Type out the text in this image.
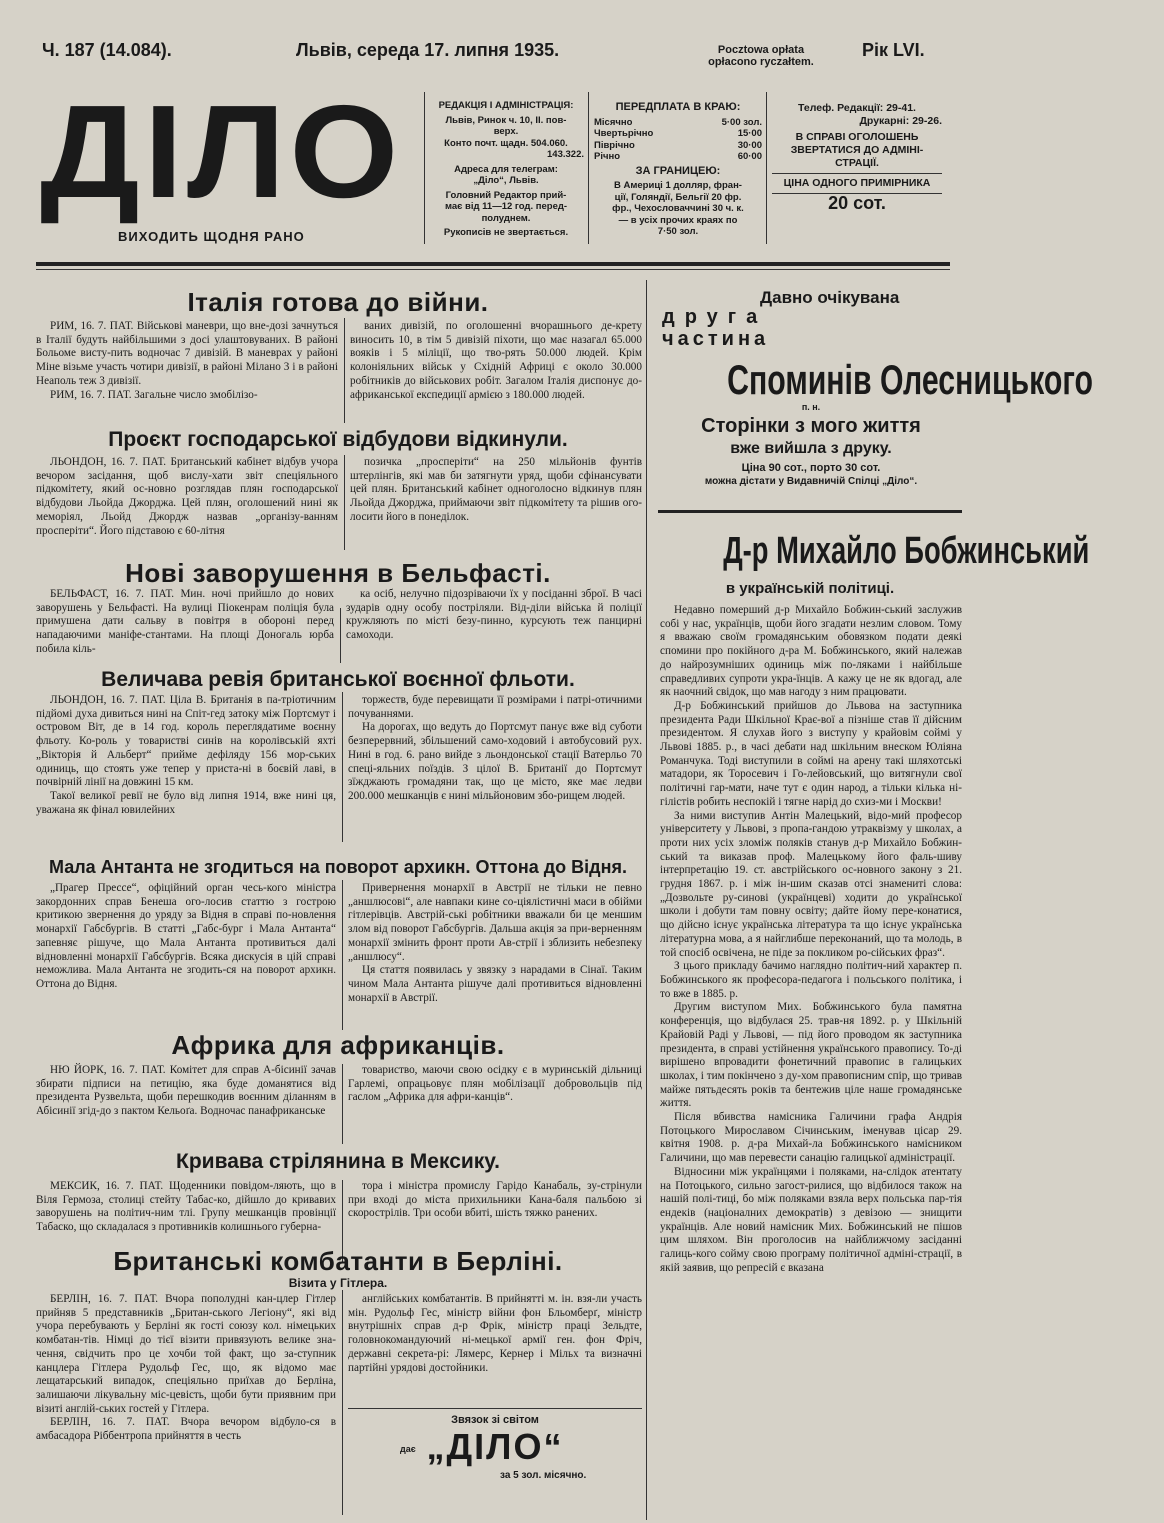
Ч. 187 (14.084).	Львів, середа 17. липня 1935.	Pocztowa opłata
opłacono ryczałtem.
Рік LVI.
ДІЛО
ВИХОДИТЬ ЩОДНЯ РАНО

РЕДАКЦІЯ І АДМІНІСТРАЦІЯ:

Львів, Ринок ч. 10, II. пов-
верх.
Конто почт. щадн. 504.060.

143.322.

Адреса для телеграм:

„Діло“, Львів.

Головний Редактор прий-
має від 11—12 год. перед-

полуднем.

Рукописів не звертається.

ПЕРЕДПЛАТА В КРАЮ:

Місячно	5·00 зол.
Чвертьрічно	15·00
Піврічно	30·00

Річно	60·00

ЗА ГРАНИЦЕЮ:

В Америці 1 долляр, фран-
ції, Голяндії, Бельгії 20 фр.
фр., Чехословаччині 30 ч. к.
— в усіх прочих краях по
7·50 зол.
Телеф. Редакції: 29-41.

Друкарні: 29-26.

В СПРАВІ ОГОЛОШЕНЬ
ЗВЕРТАТИСЯ ДО АДМІНІ-

СТРАЦІЇ.

ЦІНА ОДНОГО ПРИМІРНИКА

20 сот.
Італія готова до війни.

РИМ, 16. 7. ПАТ. Військові маневри, що вне-дозі зачнуться в Італії будуть найбільшими з досі улаштовуваних. В районі Больоме висту-пить водночас 7 дивізій. В маневрах у районі Міне візьме участь чотири дивізії, в районі Мілано 3 і в районі Неаполь теж 3 дивізії.

РИМ, 16. 7. ПАТ. Загальне число змобілізо-

ваних дивізій, по оголошенні вчорашнього де-крету виносить 10, в тім 5 дивізій піхоти, що має назагал 65.000 вояків і 5 міліції, що тво-рять 50.000 людей. Крім колоніяльних військ у Східній Африці є около 30.000 робітників до військових робіт. Загалом Італія диспонує до-африканської експедиції армією з 180.000 людей.

Проєкт господарської відбудови відкинули.

ЛЬОНДОН, 16. 7. ПАТ. Британський кабінет відбув учора вечором засідання, щоб вислу-хати звіт спеціяльного підкомітету, який ос-новно розглядав плян господарської відбудови Льойда Джорджа. Цей плян, оголошений нині як меморіял, Льойд Джордж назвав „організу-ванням просперіти“. Його підставою є 60-літня

позичка „просперіти“ на 250 мільйонів фунтів штерлінгів, які мав би затягнути уряд, щоби сфінансувати цей плян. Британський кабінет одноголосно відкинув плян Льойда Джорджа, приймаючи звіт підкомітету та рішив ого-лосити його в понеділок.

Нові заворушення в Бельфасті.

БЕЛЬФАСТ, 16. 7. ПАТ. Мин. ночі прийшло до нових заворушень у Бельфасті. На вулиці Піокенрам поліція була примушена дати сальву в повітря в обороні перед нападаючими маніфе-стантами. На площі Доногаль юрба побила кіль-

ка осіб, нелучно підозріваючи їх у посіданні зброї. В часі зударів одну особу постріляли. Від-діли війська й поліції кружляють по місті безу-пинно, курсують теж панцирні самоходи.

Величава ревія британської воєнної фльоти.

ЛЬОНДОН, 16. 7. ПАТ. Ціла В. Британія в па-тріотичним підйомі духа дивиться нині на Спіт-гед затоку між Портсмут і островом Віт, де в 14 год. король переглядатиме воєнну фльоту. Ко-роль у товаристві синів на королівській яхті „Вікторія й Альберт“ прийме дефіляду 156 мор-ських одиниць, що стоять уже тепер у приста-ні в боєвій лаві, в почвірній лінії на довжині 15 км.

Такої великої ревії не було від липня 1914, вже нині ця, уважана як фінал ювилейних

торжеств, буде перевищати її розмірами і патрі-отичними почуваннями.

На дорогах, що ведуть до Портсмут панує вже від суботи безперервний, збільшений само-ходовий і автобусовий рух. Нині в год. 6. рано вийде з льондонської стації Ватерльо 70 спеці-яльних поїздів. З цілої В. Британії до Портсмут зїжджають громадяни так, що це місто, яке має ледви 200.000 мешканців є нині мільйоновим збо-рищем людей.

Мала Антанта не згодиться на поворот архикн. Оттона до Відня.

„Прагер Прессе“, офіційний орган чесь-кого міністра закордонних справ Бенеша ого-лосив статтю з гострою критикою звернення до уряду за Відня в справі по-новлення монархії Габсбургів. В статті „Габс-бург і Мала Антанта“ запевняє рішуче, що Мала Антанта противиться далі відновленні монархії Габсбургів. Всяка дискусія в цій справі неможлива. Мала Антанта не згодить-ся на поворот архикн. Оттона до Відня.

Привернення монархії в Австрії не тільки не певно „аншлюсові“, але навпаки кине со-ціялістичні маси в обійми гітлерівців. Австрій-ські робітники вважали би це меншим злом від поворот Габсбургів. Дальша акція за при-верненням монархії змінить фронт проти Ав-стрії і зблизить небезпеку „аншлюсу“.

Ця стаття появилась у звязку з нарадами в Сінаї. Таким чином Мала Антанта рішуче далі противиться відновленні монархії в Австрії.

Африка для африканців.

НЮ ЙОРК, 16. 7. ПАТ. Комітет для справ А-бісинії зачав збирати підписи на петицію, яка буде доманятися від президента Рузвельта, щоби перешкодив воєнним діланням в Абісинії згід-до з пактом Кельоґа. Водночас панафриканське

товариство, маючи свою осідку є в муринській дільниці Гарлемі, опрацьовує плян мобілізації добровольців під гаслом „Африка для афри-канців“.

Кривава стрілянина в Мексику.

МЕКСИК, 16. 7. ПАТ. Щоденники повідом-ляють, що в Віля Гермоза, столиці стейту Табас-ко, дійшло до кривавих заворушень на політич-ним тлі. Групу мешканців провінції Табаско, що складалася з противників колишнього губерна-

тора і міністра промислу Гарідо Канабаль, зу-стрінули при вході до міста прихильники Кана-баля пальбою зі скорострілів. Три особи вбиті, шість тяжко ранених.

Британські комбатанти в Берліні.
Візита у Гітлера.

БЕРЛІН, 16. 7. ПАТ. Вчора пополудні кан-цлер Гітлер прийняв 5 представників „Британ-ського Легіону“, які від учора перебувають у Берліні як гості союзу кол. німецьких комбатан-тів. Німці до тієї візити привязують велике зна-чення, свідчить про це хочби той факт, що за-ступник канцлера Гітлера Рудольф Гес, що, як відомо має лещатарський випадок, спеціяльно приїхав до Берліна, залишаючи лікувальну міс-цевість, щоби бути приявним при візиті англій-ських гостей у Гітлера.

БЕРЛІН, 16. 7. ПАТ. Вчора вечором відбуло-ся в амбасадора Ріббентропа прийняття в честь

англійських комбатантів. В прийнятті м. ін. взя-ли участь мін. Рудольф Гес, міністр війни фон Бльомберґ, міністр внутрішніх справ д-р Фрік, міністр праці Зельдте, головнокомандуючий ні-мецької армії ген. фон Фріч, державні секрета-рі: Лямерс, Кернер і Мільх та визначні партійні урядові достойники.

Звязок зі світом
дає „ДІЛО“
за 5 зол. місячно.
Давно очікувана
друга
частина
Споминів Олесницького
п. н.
Сторінки з мого життя
вже вийшла з друку.
Ціна 90 сот., порто 30 сот.
можна дістати у Видавничій Спілці „Діло“.
Д-р Михайло Бобжинський
в українській політиці.

Недавно померший д-р Михайло Бобжин-ський заслужив собі у нас, українців, щоби його згадати незлим словом. Тому я вважаю своїм громадянським обовязком подати деякі спомини про покійного д-ра М. Бобжинського, який належав до найрозумніших одиниць між по-ляками і найбільше справедливих супроти укра-їнців. А кажу це не як вдогад, але як наочний свідок, що мав нагоду з ним працювати.

Д-р Бобжинський прийшов до Львова на заступника президента Ради Шкільної Крає-вої а пізніше став її дійсним президентом. Я слухав його з виступу у крайовім соймі у Львові 1885. р., в часі дебати над шкільним внеском Юліяна Романчука. Тоді виступили в соймі на арену такі шляхотські матадори, як Торосевич і Го-лейовський, що витягнули свої політичні гар-мати, наче тут є один народ, а тільки кілька ні-гілістів робить неспокій і тягне нарід до схиз-ми і Москви!

За ними виступив Антін Малецький, відо-мий професор університету у Львові, з пропа-гандою утраквізму у школах, а проти них усіх зломіж поляків станув д-р Михайло Бобжин-ський та виказав проф. Малецькому його фаль-шиву інтерпретацію 19. ст. австрійського ос-новного закону з 21. грудня 1867. р. і між ін-шим сказав отсі знамениті слова: „Дозвольте ру-синові (українцеві) ходити до української школи і добути там повну освіту; дайте йому пере-конатися, що дійсно існує українська література та що існує українська літературна мова, а я найглибше переконаний, що та молодь, в той спосіб освічена, не піде за покликом ро-сійських фраз“.

З цього прикладу бачимо наглядно політич-ний характер п. Бобжинського як професора-педагога і польського політика, і то вже в 1885. р.

Другим виступом Мих. Бобжинського була памятна конференція, що відбулася 25. трав-ня 1892. р. у Шкільній Крайовій Раді у Львові, — під його проводом як заступника президента, в справі устійнення українського правопису. То-ді вирішено впровадити фонетичний правопис в галицьких школах, і тим покінчено з ду-хом правописним спір, що тривав майже пятьдесять років та бентежив ціле наше громадянське життя.

Після вбивства намісника Галичини графа Андрія Потоцького Мирославом Січинським, іменував цісар 29. квітня 1908. р. д-ра Михай-ла Бобжинського намісником Галичини, що мав перевести санацію галицької адміністрації.

Відносини між українцями і поляками, на-слідок атентату на Потоцького, сильно загост-рилися, що відбилося також на нашій полі-тиці, бо між поляками взяла верх польська пар-тія ендеків (націоналних демократів) з девізою — знищити українців. Але новий намісник Мих. Бобжинський не пішов цим шляхом. Він проголосив на найближчому засіданні галиць-кого сойму свою програму політичної адміні-страції, в якій заявив, що репресій є вказана
